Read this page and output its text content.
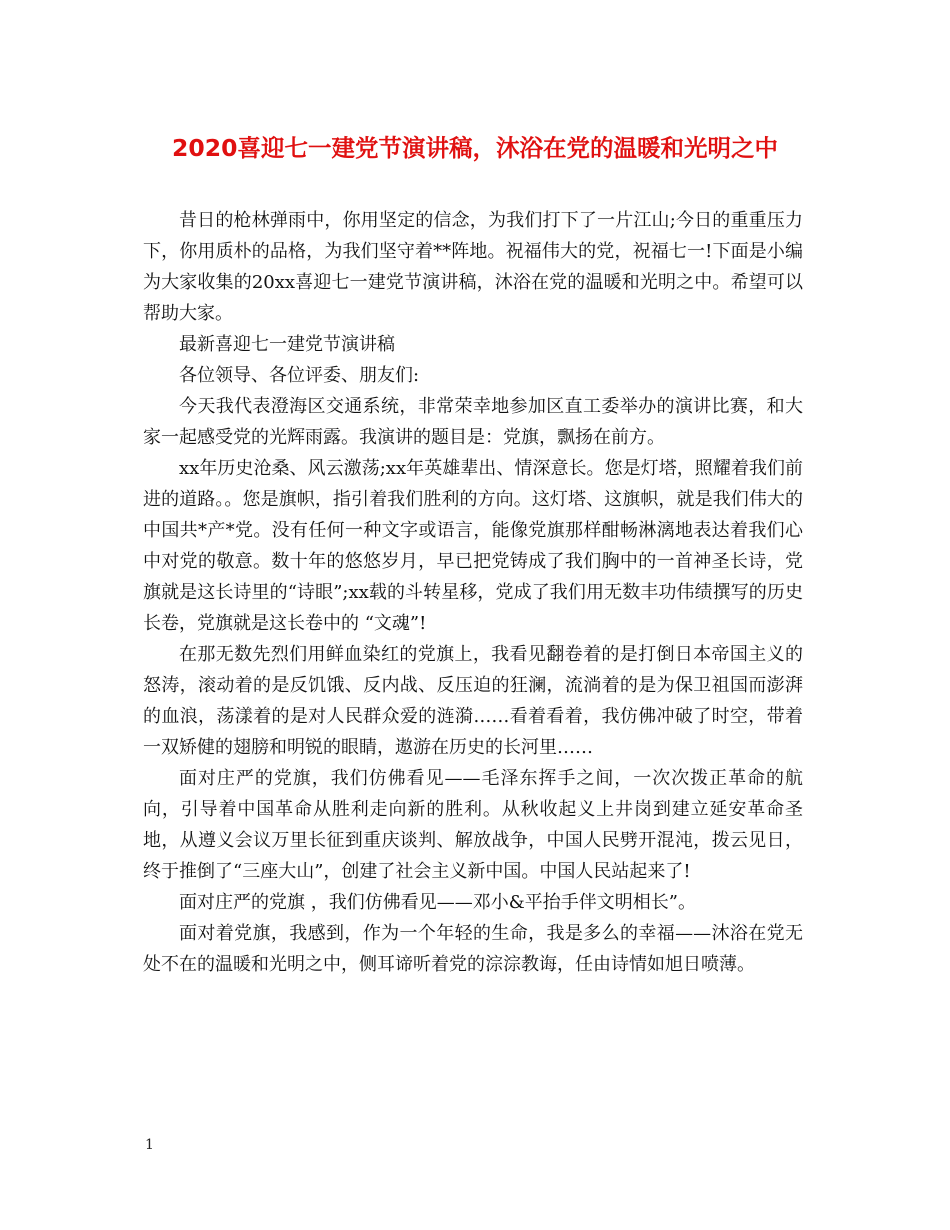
2020喜迎七一建党节演讲稿，沐浴在党的温暖和光明之中

昔日的枪林弹雨中，你用坚定的信念，为我们打下了一片江山;今日的重重压力下，你用质朴的品格，为我们坚守着**阵地。祝福伟大的党，祝福七一!下面是小编为大家收集的20xx喜迎七一建党节演讲稿，沐浴在党的温暖和光明之中。希望可以帮助大家。

最新喜迎七一建党节演讲稿

各位领导、各位评委、朋友们:

今天我代表澄海区交通系统，非常荣幸地参加区直工委举办的演讲比赛，和大家一起感受党的光辉雨露。我演讲的题目是：党旗，飘扬在前方。

xx年历史沧桑、风云激荡;xx年英雄辈出、情深意长。您是灯塔，照耀着我们前进的道路。。您是旗帜，指引着我们胜利的方向。这灯塔、这旗帜，就是我们伟大的中国共*产*党。没有任何一种文字或语言，能像党旗那样酣畅淋漓地表达着我们心中对党的敬意。数十年的悠悠岁月，早已把党铸成了我们胸中的一首神圣长诗，党旗就是这长诗里的“诗眼”;xx载的斗转星移，党成了我们用无数丰功伟绩撰写的历史长卷，党旗就是这长卷中的 “文魂”!

在那无数先烈们用鲜血染红的党旗上，我看见翻卷着的是打倒日本帝国主义的怒涛，滚动着的是反饥饿、反内战、反压迫的狂澜，流淌着的是为保卫祖国而澎湃的血浪，荡漾着的是对人民群众爱的涟漪……看着看着，我仿佛冲破了时空，带着一双矫健的翅膀和明锐的眼睛，遨游在历史的长河里……

面对庄严的党旗，我们仿佛看见——毛泽东挥手之间，一次次拨正革命的航向，引导着中国革命从胜利走向新的胜利。从秋收起义上井岗到建立延安革命圣地，从遵义会议万里长征到重庆谈判、解放战争，中国人民劈开混沌，拨云见日，终于推倒了“三座大山”，创建了社会主义新中国。中国人民站起来了!

面对庄严的党旗 ，我们仿佛看见——邓小&平抬手伴文明相长”。

面对着党旗，我感到，作为一个年轻的生命，我是多么的幸福——沐浴在党无处不在的温暖和光明之中，侧耳谛听着党的淙淙教诲，任由诗情如旭日喷薄。

1
